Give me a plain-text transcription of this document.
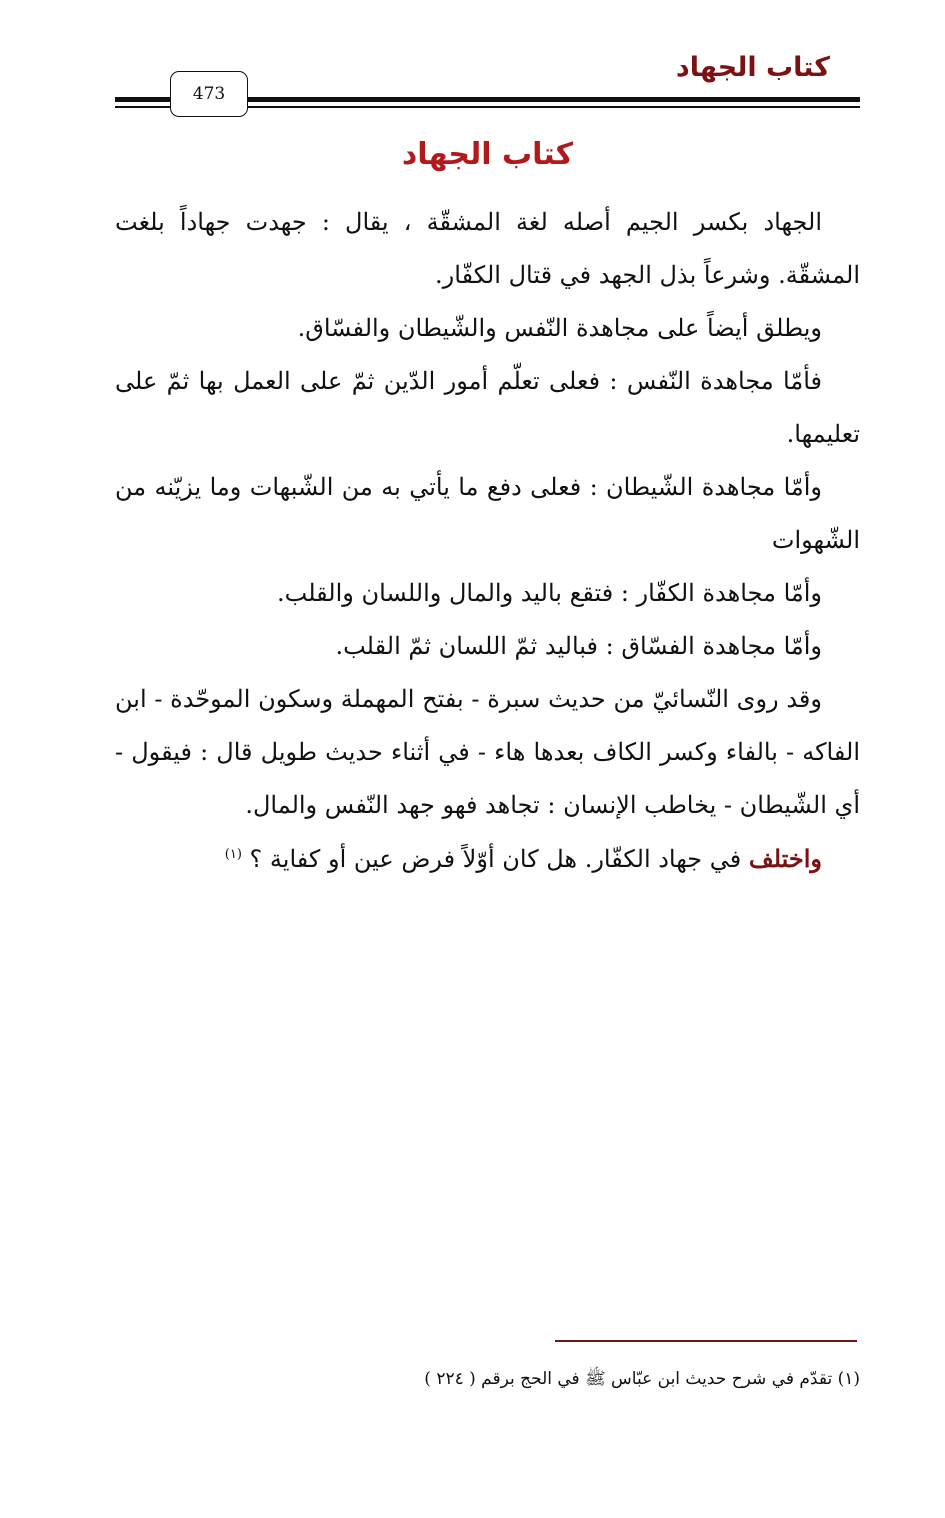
كتاب الجهاد
473
كتاب الجهاد

الجهاد بكسر الجيم أصله لغة المشقّة ، يقال : جهدت جهاداً بلغت المشقّة. وشرعاً بذل الجهد في قتال الكفّار.

ويطلق أيضاً على مجاهدة النّفس والشّيطان والفسّاق.

فأمّا مجاهدة النّفس : فعلى تعلّم أمور الدّين ثمّ على العمل بها ثمّ على تعليمها.

وأمّا مجاهدة الشّيطان : فعلى دفع ما يأتي به من الشّبهات وما يزيّنه من الشّهوات

وأمّا مجاهدة الكفّار : فتقع باليد والمال واللسان والقلب.

وأمّا مجاهدة الفسّاق : فباليد ثمّ اللسان ثمّ القلب.

وقد روى النّسائيّ من حديث سبرة - بفتح المهملة وسكون الموحّدة - ابن الفاكه - بالفاء وكسر الكاف بعدها هاء - في أثناء حديث طويل قال : فيقول - أي الشّيطان - يخاطب الإنسان : تجاهد فهو جهد النّفس والمال.

واختلف في جهاد الكفّار. هل كان أوّلاً فرض عين أو كفاية ؟ $^{(١)}$

(١) تقدّم في شرح حديث ابن عبّاس ﷺ في الحج برقم ( ٢٢٤ )
